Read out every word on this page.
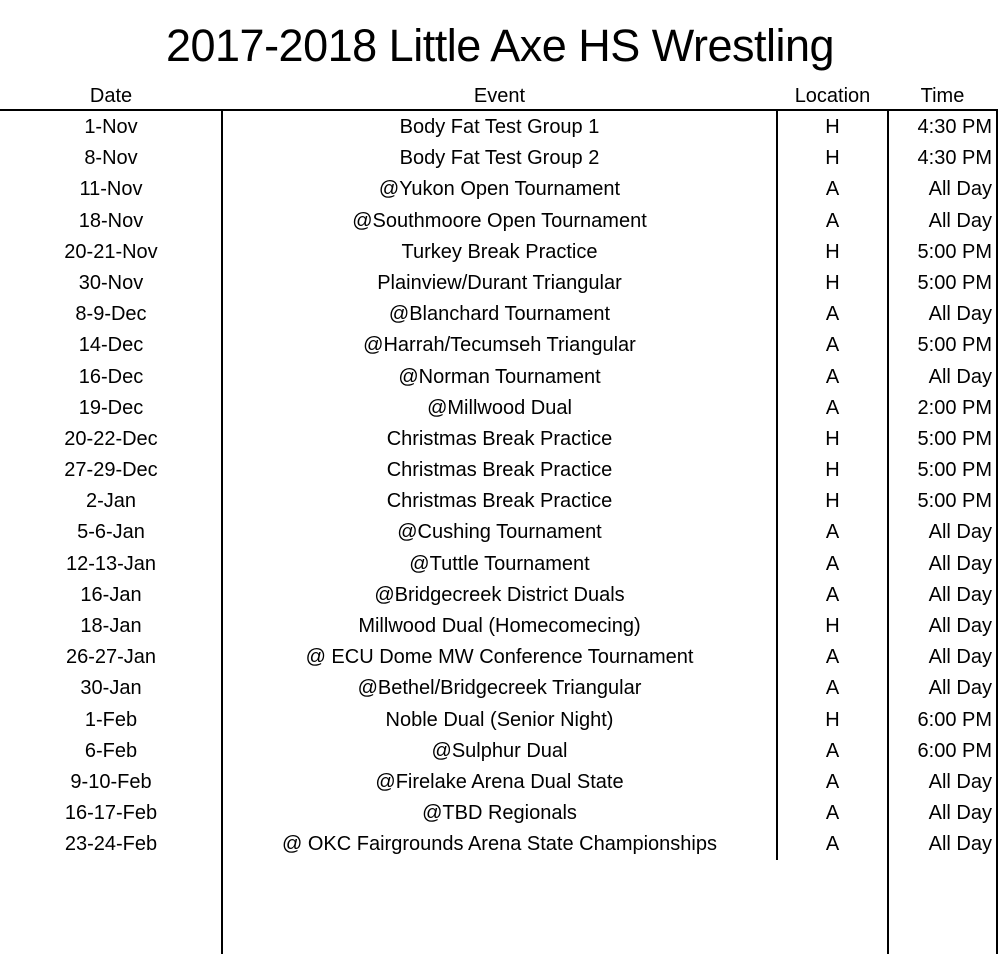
2017-2018 Little Axe HS Wrestling
Date	Event	Location	Time
1-Nov	Body Fat Test Group 1	H	4:30 PM
8-Nov	Body Fat Test Group 2	H	4:30 PM
11-Nov	@Yukon Open Tournament	A	All Day
18-Nov	@Southmoore Open Tournament	A	All Day
20-21-Nov	Turkey Break Practice	H	5:00 PM
30-Nov	Plainview/Durant Triangular	H	5:00 PM
8-9-Dec	@Blanchard Tournament	A	All Day
14-Dec	@Harrah/Tecumseh Triangular	A	5:00 PM
16-Dec	@Norman Tournament	A	All Day
19-Dec	@Millwood Dual	A	2:00 PM
20-22-Dec	Christmas Break Practice	H	5:00 PM
27-29-Dec	Christmas Break Practice	H	5:00 PM
2-Jan	Christmas Break Practice	H	5:00 PM
5-6-Jan	@Cushing Tournament	A	All Day
12-13-Jan	@Tuttle Tournament	A	All Day
16-Jan	@Bridgecreek District Duals	A	All Day
18-Jan	Millwood Dual (Homecomecing)	H	All Day
26-27-Jan	@ ECU Dome MW Conference Tournament	A	All Day
30-Jan	@Bethel/Bridgecreek Triangular	A	All Day
1-Feb	Noble Dual (Senior Night)	H	6:00 PM
6-Feb	@Sulphur Dual	A	6:00 PM
9-10-Feb	@Firelake Arena Dual State	A	All Day
16-17-Feb	@TBD Regionals	A	All Day
23-24-Feb	@ OKC Fairgrounds Arena State Championships	A	All Day
